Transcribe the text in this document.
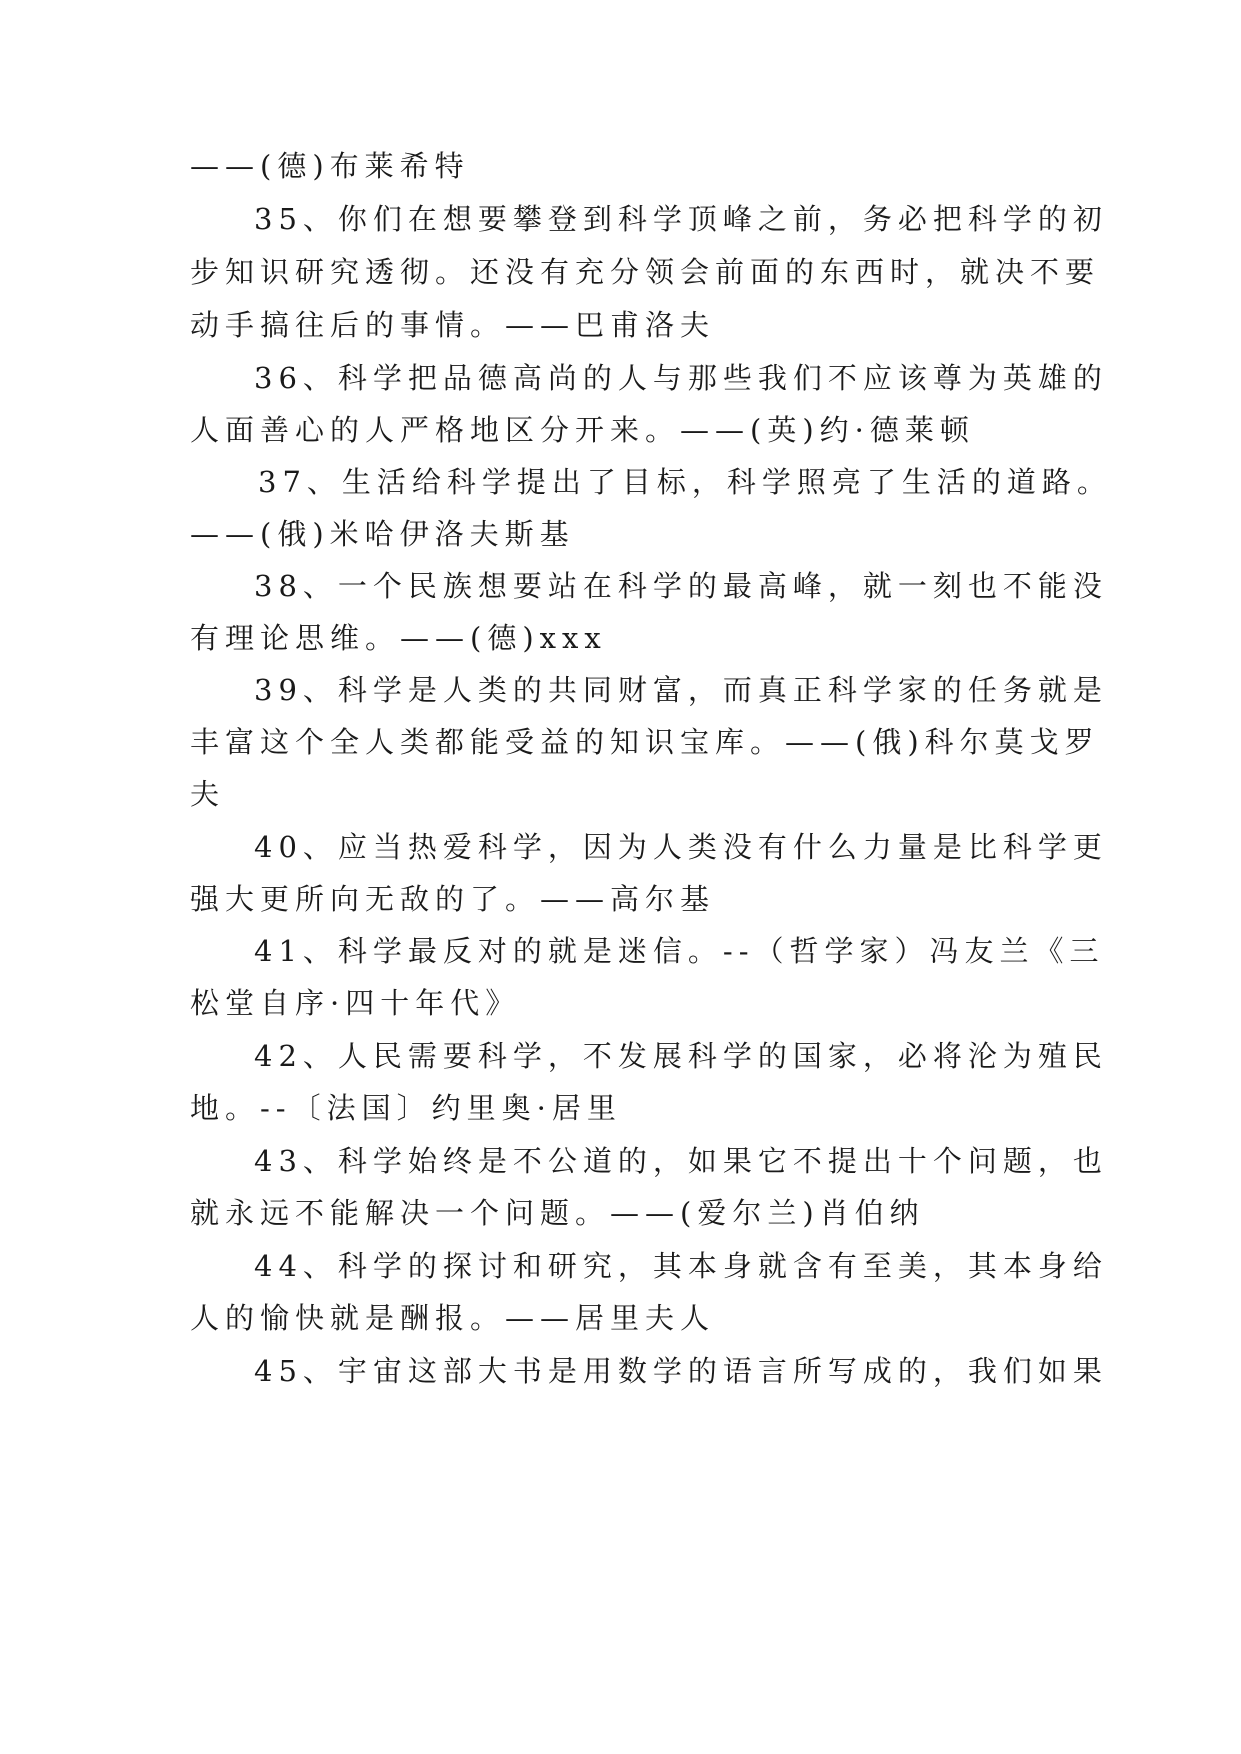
——(德)布莱希特
35、你们在想要攀登到科学顶峰之前，务必把科学的初
步知识研究透彻。还没有充分领会前面的东西时，就决不要
动手搞往后的事情。——巴甫洛夫
36、科学把品德高尚的人与那些我们不应该尊为英雄的
人面善心的人严格地区分开来。——(英)约·德莱顿
37、生活给科学提出了目标，科学照亮了生活的道路。
——(俄)米哈伊洛夫斯基
38、一个民族想要站在科学的最高峰，就一刻也不能没
有理论思维。——(德)xxx
39、科学是人类的共同财富，而真正科学家的任务就是
丰富这个全人类都能受益的知识宝库。——(俄)科尔莫戈罗
夫
40、应当热爱科学，因为人类没有什么力量是比科学更
强大更所向无敌的了。——高尔基
41、科学最反对的就是迷信。--（哲学家）冯友兰《三
松堂自序·四十年代》
42、人民需要科学，不发展科学的国家，必将沦为殖民
地。--〔法国〕约里奥·居里
43、科学始终是不公道的，如果它不提出十个问题，也
就永远不能解决一个问题。——(爱尔兰)肖伯纳
44、科学的探讨和研究，其本身就含有至美，其本身给
人的愉快就是酬报。——居里夫人
45、宇宙这部大书是用数学的语言所写成的，我们如果
